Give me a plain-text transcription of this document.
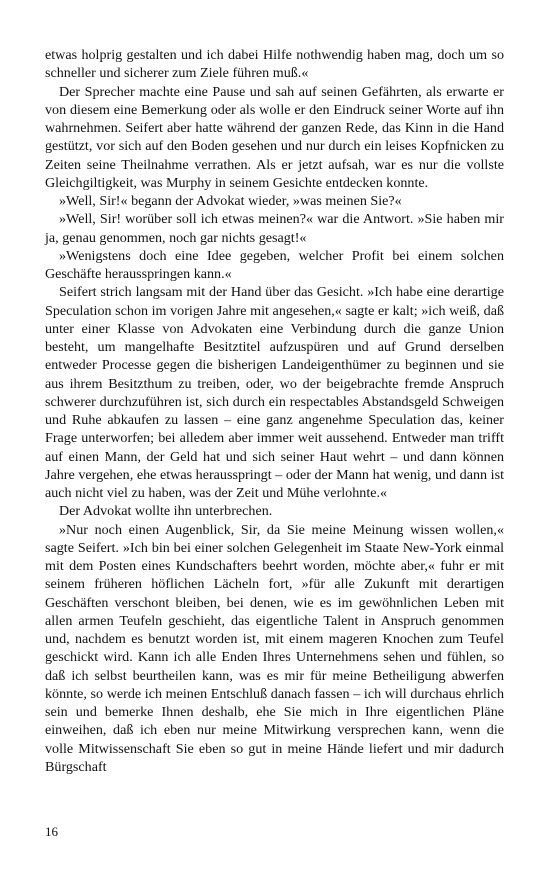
etwas holprig gestalten und ich dabei Hilfe nothwendig haben mag, doch um so schneller und sicherer zum Ziele führen muß.«

Der Sprecher machte eine Pause und sah auf seinen Gefährten, als erwarte er von diesem eine Bemerkung oder als wolle er den Eindruck seiner Worte auf ihn wahrnehmen. Seifert aber hatte während der ganzen Rede, das Kinn in die Hand gestützt, vor sich auf den Boden gesehen und nur durch ein leises Kopfnicken zu Zeiten seine Theilnahme verrathen. Als er jetzt aufsah, war es nur die vollste Gleichgiltigkeit, was Murphy in seinem Gesichte entdecken konnte.

»Well, Sir!« begann der Advokat wieder, »was meinen Sie?«

»Well, Sir! worüber soll ich etwas meinen?« war die Antwort. »Sie haben mir ja, genau genommen, noch gar nichts gesagt!«

»Wenigstens doch eine Idee gegeben, welcher Profit bei einem solchen Geschäfte herausspringen kann.«

Seifert strich langsam mit der Hand über das Gesicht. »Ich habe eine derartige Speculation schon im vorigen Jahre mit angesehen,« sagte er kalt; »ich weiß, daß unter einer Klasse von Advokaten eine Verbindung durch die ganze Union besteht, um mangelhafte Besitztitel aufzuspüren und auf Grund derselben entweder Processe gegen die bisherigen Landeigenthümer zu beginnen und sie aus ihrem Besitzthum zu treiben, oder, wo der beigebrachte fremde Anspruch schwerer durchzuführen ist, sich durch ein respectables Abstandsgeld Schweigen und Ruhe abkaufen zu lassen – eine ganz angenehme Speculation das, keiner Frage unterworfen; bei alledem aber immer weit aussehend. Entweder man trifft auf einen Mann, der Geld hat und sich seiner Haut wehrt – und dann können Jahre vergehen, ehe etwas herausspringt – oder der Mann hat wenig, und dann ist auch nicht viel zu haben, was der Zeit und Mühe verlohnte.«

Der Advokat wollte ihn unterbrechen.

»Nur noch einen Augenblick, Sir, da Sie meine Meinung wissen wollen,« sagte Seifert. »Ich bin bei einer solchen Gelegenheit im Staate New-York einmal mit dem Posten eines Kundschafters beehrt worden, möchte aber,« fuhr er mit seinem früheren höflichen Lächeln fort, »für alle Zukunft mit derartigen Geschäften verschont bleiben, bei denen, wie es im gewöhnlichen Leben mit allen armen Teufeln geschieht, das eigentliche Talent in Anspruch genommen und, nachdem es benutzt worden ist, mit einem mageren Knochen zum Teufel geschickt wird. Kann ich alle Enden Ihres Unternehmens sehen und fühlen, so daß ich selbst beurtheilen kann, was es mir für meine Betheiligung abwerfen könnte, so werde ich meinen Entschluß danach fassen – ich will durchaus ehrlich sein und bemerke Ihnen deshalb, ehe Sie mich in Ihre eigentlichen Pläne einweihen, daß ich eben nur meine Mitwirkung versprechen kann, wenn die volle Mitwissenschaft Sie eben so gut in meine Hände liefert und mir dadurch Bürgschaft

16
